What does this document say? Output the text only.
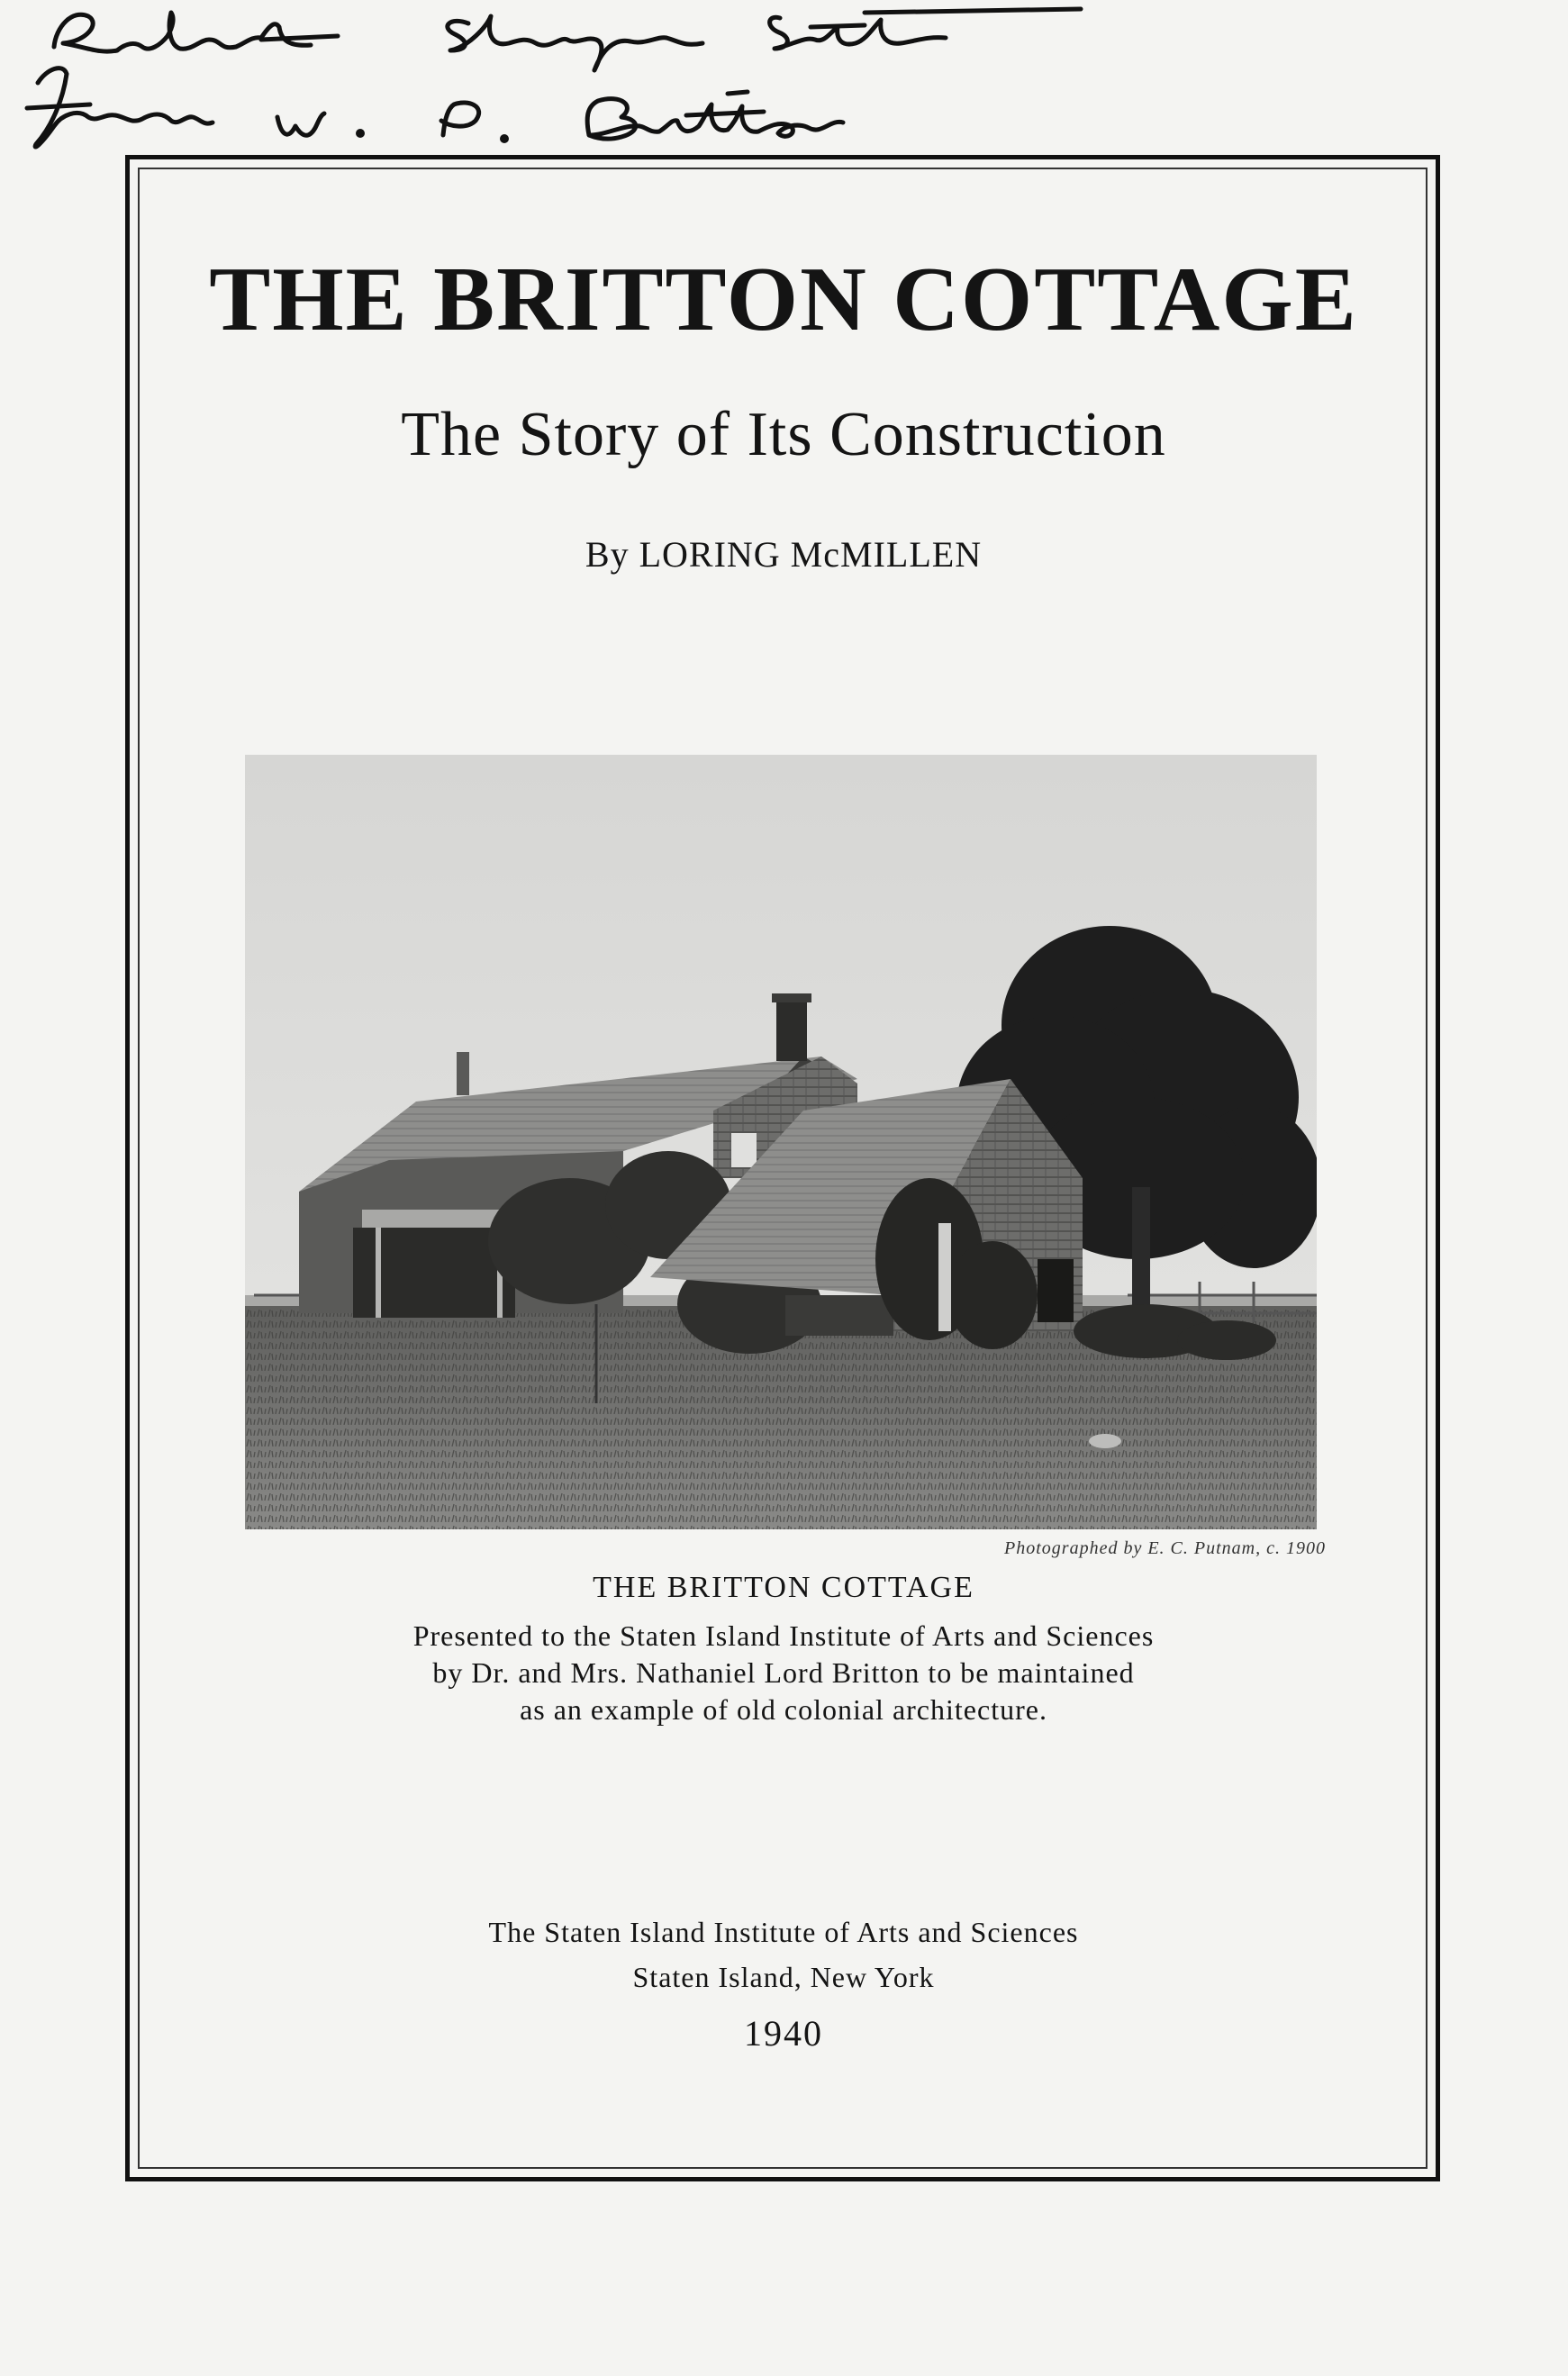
THE BRITTON COTTAGE
The Story of Its Construction
By LORING McMILLEN
Photographed by E. C. Putnam, c. 1900
THE BRITTON COTTAGE
Presented to the Staten Island Institute of Arts and Sciences
by Dr. and Mrs. Nathaniel Lord Britton to be maintained
as an example of old colonial architecture.
The Staten Island Institute of Arts and Sciences
Staten Island, New York
1940
